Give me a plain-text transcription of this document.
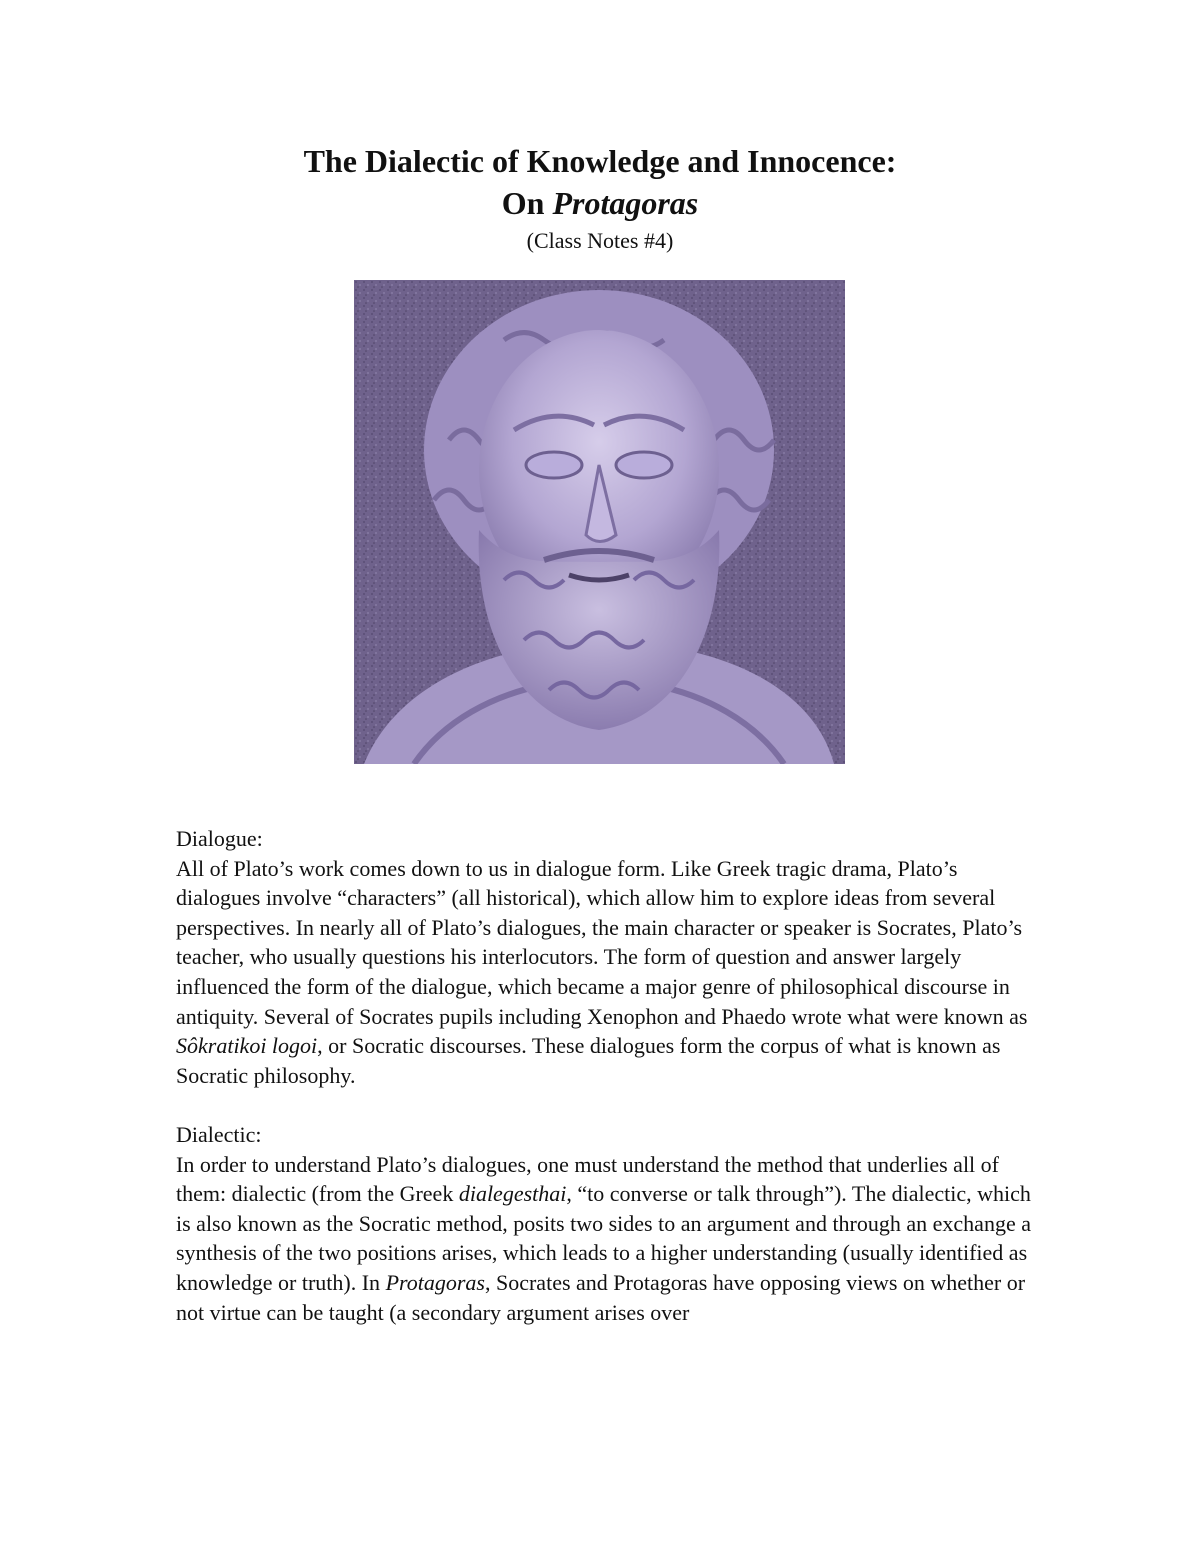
The Dialectic of Knowledge and Innocence:
On Protagoras
(Class Notes #4)
Dialogue:
All of Plato’s work comes down to us in dialogue form. Like Greek tragic drama, Plato’s dialogues involve “characters” (all historical), which allow him to explore ideas from several perspectives. In nearly all of Plato’s dialogues, the main character or speaker is Socrates, Plato’s teacher, who usually questions his interlocutors. The form of question and answer largely influenced the form of the dialogue, which became a major genre of philosophical discourse in antiquity. Several of Socrates pupils including Xenophon and Phaedo wrote what were known as Sôkratikoi logoi, or Socratic discourses. These dialogues form the corpus of what is known as Socratic philosophy.
Dialectic:
In order to understand Plato’s dialogues, one must understand the method that underlies all of them: dialectic (from the Greek dialegesthai, “to converse or talk through”). The dialectic, which is also known as the Socratic method, posits two sides to an argument and through an exchange a synthesis of the two positions arises, which leads to a higher understanding (usually identified as knowledge or truth). In Protagoras, Socrates and Protagoras have opposing views on whether or not virtue can be taught (a secondary argument arises over
